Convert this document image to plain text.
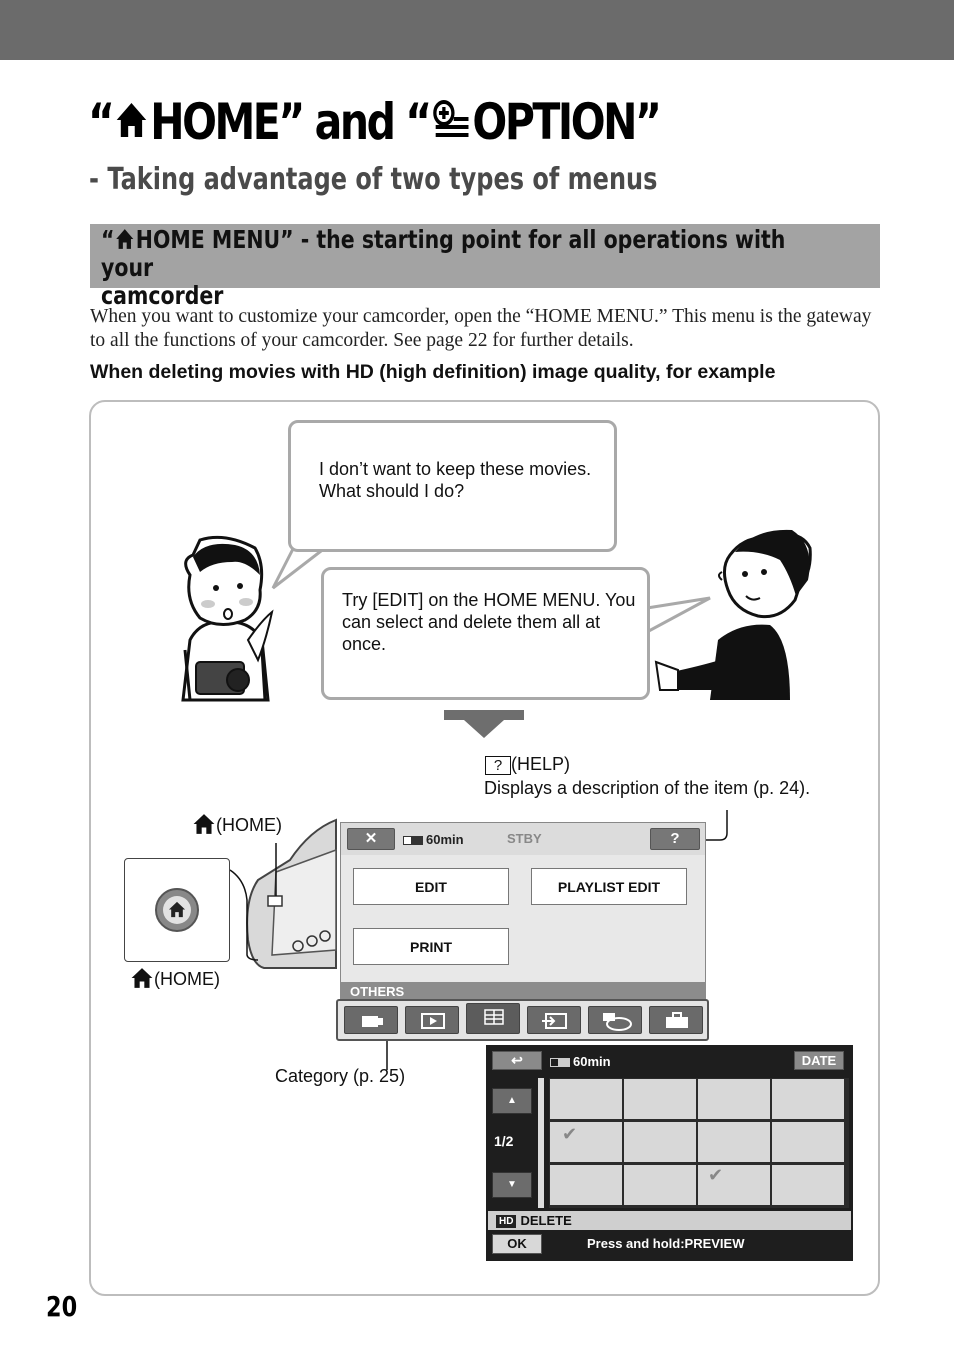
“ HOME” and “ OPTION”
- Taking advantage of two types of menus
“ HOME MENU” - the starting point for all operations with your
camcorder
When you want to customize your camcorder, open the “HOME MENU.” This menu is the gateway to all the functions of your camcorder. See page 22 for further details.
When deleting movies with HD (high definition) image quality, for example
I don’t want to keep these movies. What should I do?
Try [EDIT] on the HOME MENU. You can select and delete them all at once.
? (HELP)
Displays a description of the item (p. 24).
(HOME)
(HOME)
Category (p. 25)
✕	60min	STBY	?
EDIT	PLAYLIST EDIT
PRINT
OTHERS
↩	60min	DATE
✔
✔
▲
1/2
▼
HD DELETE
OK	Press and hold:PREVIEW
20
